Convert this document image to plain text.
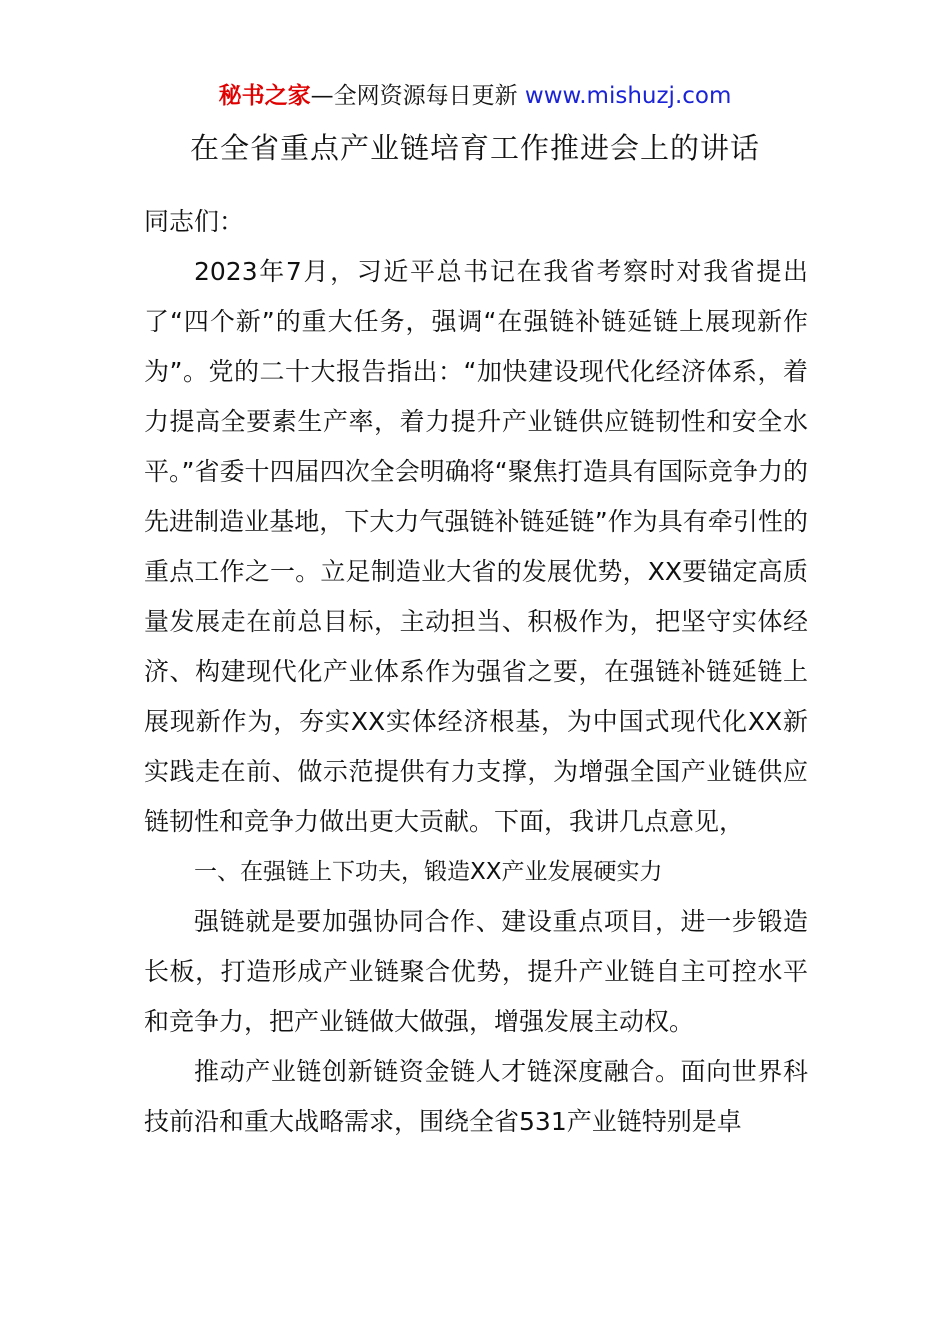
秘书之家—全网资源每日更新 www.mishuzj.com
在全省重点产业链培育工作推进会上的讲话

同志们：

2023年7月，习近平总书记在我省考察时对我省提出了“四个新”的重大任务，强调“在强链补链延链上展现新作为”。党的二十大报告指出：“加快建设现代化经济体系，着力提高全要素生产率，着力提升产业链供应链韧性和安全水平。”省委十四届四次全会明确将“聚焦打造具有国际竞争力的先进制造业基地，下大力气强链补链延链”作为具有牵引性的重点工作之一。立足制造业大省的发展优势，XX要锚定高质量发展走在前总目标，主动担当、积极作为，把坚守实体经济、构建现代化产业体系作为强省之要，在强链补链延链上展现新作为，夯实XX实体经济根基，为中国式现代化XX新实践走在前、做示范提供有力支撑，为增强全国产业链供应链韧性和竞争力做出更大贡献。下面，我讲几点意见，

一、在强链上下功夫，锻造XX产业发展硬实力

强链就是要加强协同合作、建设重点项目，进一步锻造长板，打造形成产业链聚合优势，提升产业链自主可控水平和竞争力，把产业链做大做强，增强发展主动权。

推动产业链创新链资金链人才链深度融合。面向世界科技前沿和重大战略需求，围绕全省531产业链特别是卓
